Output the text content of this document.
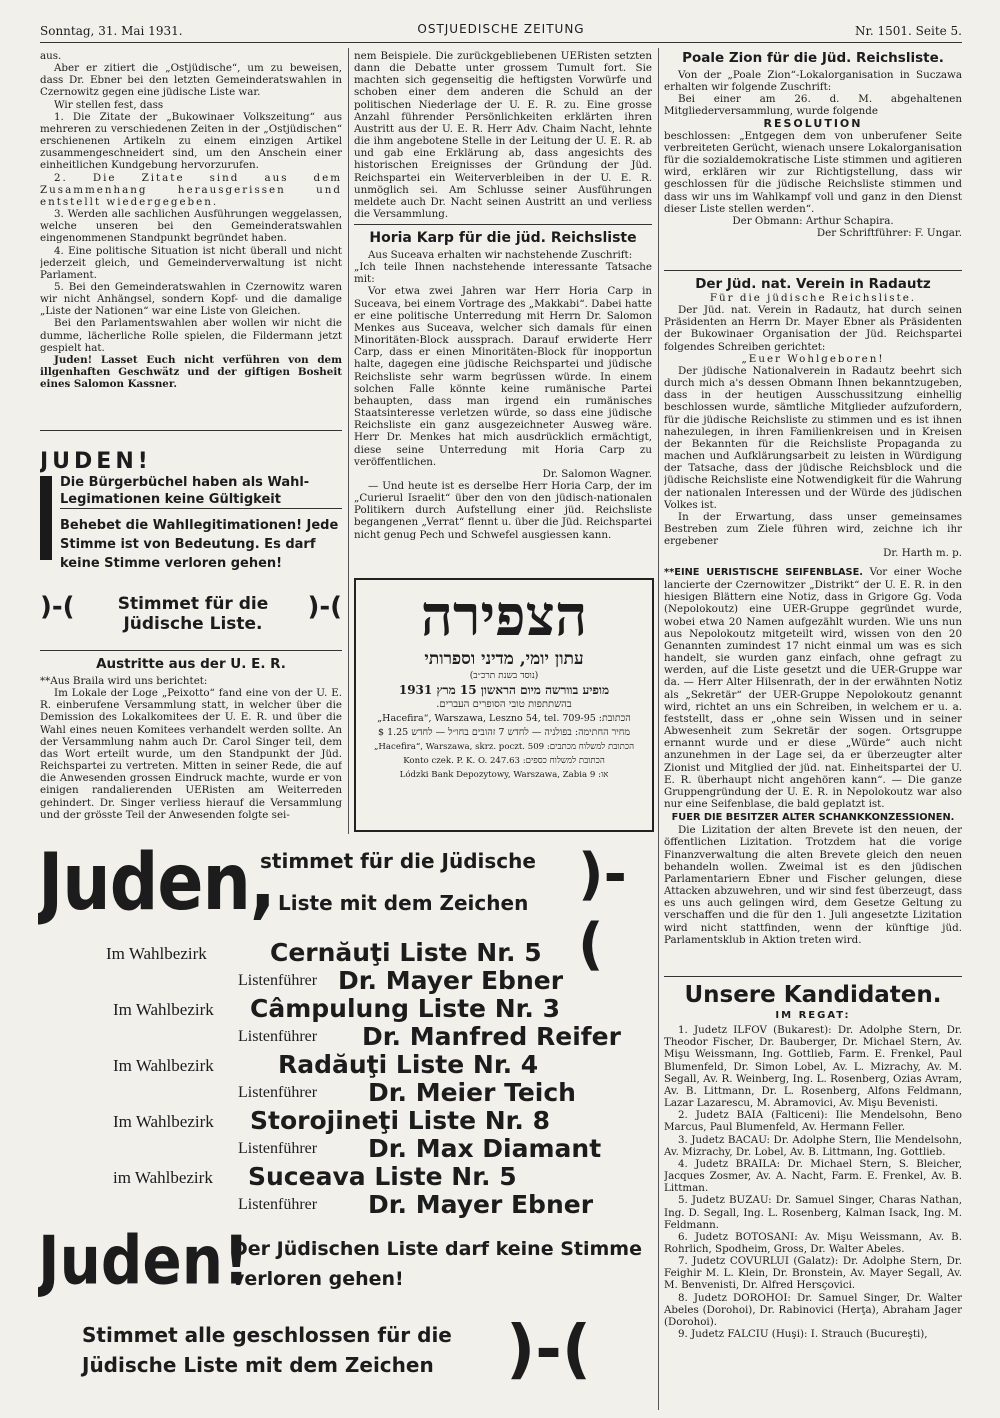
Sonntag, 31. Mai 1931.	OSTJUEDISCHE ZEITUNG	Nr. 1501. Seite 5.

aus.

Aber er zitiert die „Ostjüdische“, um zu beweisen, dass Dr. Ebner bei den letzten Gemeinderatswahlen in Czernowitz gegen eine jüdische Liste war.

Wir stellen fest, dass

1. Die Zitate der „Bukowinaer Volkszeitung“ aus mehreren zu verschiedenen Zeiten in der „Ostjüdischen“ erschienenen Artikeln zu einem einzigen Artikel zusammengeschneidert sind, um den Anschein einer einheitlichen Kundgebung hervorzurufen.

2. Die Zitate sind aus dem Zusammenhang herausgerissen und entstellt wiedergegeben.

3. Werden alle sachlichen Ausführungen weggelassen, welche unseren bei den Gemeinderatswahlen eingenommenen Standpunkt begründet haben.

4. Eine politische Situation ist nicht überall und nicht jederzeit gleich, und Gemeinderverwaltung ist nicht Parlament.

5. Bei den Gemeinderatswahlen in Czernowitz waren wir nicht Anhängsel, sondern Kopf- und die damalige „Liste der Nationen“ war eine Liste von Gleichen.

Bei den Parlamentswahlen aber wollen wir nicht die dumme, lächerliche Rolle spielen, die Fildermann jetzt gespielt hat.

Juden! Lasset Euch nicht verführen von dem illgenhaften Geschwätz und der giftigen Bosheit eines Salomon Kassner.

JUDEN!
Die Bürgerbüchel haben als Wahl-Legimationen keine Gültigkeit
Behebet die Wahllegitimationen! Jede Stimme ist von Bedeutung. Es darf keine Stimme verloren gehen!
)-(	Stimmet für die Jüdische Liste.
)-(
Austritte aus der U. E. R.

**Aus Braila wird uns berichtet:

Im Lokale der Loge „Peixotto“ fand eine von der U. E. R. einberufene Versammlung statt, in welcher über die Demission des Lokalkomitees der U. E. R. und über die Wahl eines neuen Komitees verhandelt werden sollte. An der Versammlung nahm auch Dr. Carol Singer teil, dem das Wort erteilt wurde, um den Standpunkt der Jüd. Reichspartei zu vertreten. Mitten in seiner Rede, die auf die Anwesenden grossen Eindruck machte, wurde er von einigen randalierenden UERisten am Weiterreden gehindert. Dr. Singer verliess hierauf die Versammlung und der grösste Teil der Anwesenden folgte sei-

nem Beispiele. Die zurückgebliebenen UERisten setzten dann die Debatte unter grossem Tumult fort. Sie machten sich gegenseitig die heftigsten Vorwürfe und schoben einer dem anderen die Schuld an der politischen Niederlage der U. E. R. zu. Eine grosse Anzahl führender Persönlichkeiten erklärten ihren Austritt aus der U. E. R. Herr Adv. Chaim Nacht, lehnte die ihm angebotene Stelle in der Leitung der U. E. R. ab und gab eine Erklärung ab, dass angesichts des historischen Ereignisses der Gründung der Jüd. Reichspartei ein Weiterverbleiben in der U. E. R. unmöglich sei. Am Schlusse seiner Ausführungen meldete auch Dr. Nacht seinen Austritt an und verliess die Versammlung.

Horia Karp für die jüd. Reichsliste

Aus Suceava erhalten wir nachstehende Zuschrift:

„Ich teile Ihnen nachstehende interessante Tatsache mit:

Vor etwa zwei Jahren war Herr Horia Carp in Suceava, bei einem Vortrage des „Makkabi“. Dabei hatte er eine politische Unterredung mit Herrn Dr. Salomon Menkes aus Suceava, welcher sich damals für einen Minoritäten-Block aussprach. Darauf erwiderte Herr Carp, dass er einen Minoritäten-Block für inopportun halte, dagegen eine jüdische Reichspartei und jüdische Reichsliste sehr warm begrüssen würde. In einem solchen Falle könnte keine rumänische Partei behaupten, dass man irgend ein rumänisches Staatsinteresse verletzen würde, so dass eine jüdische Reichsliste ein ganz ausgezeichneter Ausweg wäre. Herr Dr. Menkes hat mich ausdrücklich ermächtigt, diese seine Unterredung mit Horia Carp zu veröffentlichen.

Dr. Salomon Wagner.

— Und heute ist es derselbe Herr Horia Carp, der im „Curierul Israelit“ über den von den jüdisch-nationalen Politikern durch Aufstellung einer jüd. Reichsliste begangenen „Verrat“ flennt u. über die Jüd. Reichspartei nicht genug Pech und Schwefel ausgiessen kann.

הצפירה
עתון יומי, מדיני וספרותי
(נוסד בשנת תרכ״ב)
מופיע בוורשה מיום הראשון 15 מרץ 1931
בהשתתפות טובי הסופרים העברים.
„Hacefira“, Warszawa, Leszno 54, tel. 709-95 :הכתובת
מחיר החתימה: בפולניה — לחדש 7 זהובים בחו״ל — לחדש 1.25 $
„Hacefira“, Warszawa, skrz. poczt. 509 :הכתובת למשלוח מכתבים
Konto czek. P. K. O. 247.63 :הכתובת למשלוח כספים
Lódzki Bank Depozytowy, Warszawa, Zabia 9 :או
Poale Zion für die Jüd. Reichsliste.

Von der „Poale Zion“-Lokalorganisation in Suczawa erhalten wir folgende Zuschrift:

Bei einer am 26. d. M. abgehaltenen Mitgliederversammlung, wurde folgende

RESOLUTION

beschlossen: „Entgegen dem von unberufener Seite verbreiteten Gerücht, wienach unsere Lokalorganisation für die sozialdemokratische Liste stimmen und agitieren wird, erklären wir zur Richtigstellung, dass wir geschlossen für die jüdische Reichsliste stimmen und dass wir uns im Wahlkampf voll und ganz in den Dienst dieser Liste stellen werden“.

Der Obmann: Arthur Schapira.

Der Schriftführer: F. Ungar.

Der Jüd. nat. Verein in Radautz

Für die jüdische Reichsliste.

Der Jüd. nat. Verein in Radautz, hat durch seinen Präsidenten an Herrn Dr. Mayer Ebner als Präsidenten der Bukowinaer Organisation der Jüd. Reichspartei folgendes Schreiben gerichtet:

„Euer Wohlgeboren!

Der jüdische Nationalverein in Radautz beehrt sich durch mich a's dessen Obmann Ihnen bekanntzugeben, dass in der heutigen Ausschussitzung einhellig beschlossen wurde, sämtliche Mitglieder aufzufordern, für die jüdische Reichsliste zu stimmen und es ist ihnen nahezulegen, in ihren Familienkreisen und in Kreisen der Bekannten für die Reichsliste Propaganda zu machen und Aufklärungsarbeit zu leisten in Würdigung der Tatsache, dass der jüdische Reichsblock und die jüdische Reichsliste eine Notwendigkeit für die Wahrung der nationalen Interessen und der Würde des jüdischen Volkes ist.

In der Erwartung, dass unser gemeinsames Bestreben zum Ziele führen wird, zeichne ich ihr ergebener

Dr. Harth m. p.

**EINE UERISTISCHE SEIFENBLASE. Vor einer Woche lancierte der Czernowitzer „Distrikt“ der U. E. R. in den hiesigen Blättern eine Notiz, dass in Grigore Gg. Voda (Nepolokoutz) eine UER-Gruppe gegründet wurde, wobei etwa 20 Namen aufgezählt wurden. Wie uns nun aus Nepolokoutz mitgeteilt wird, wissen von den 20 Genannten zumindest 17 nicht einmal um was es sich handelt, sie wurden ganz einfach, ohne gefragt zu werden, auf die Liste gesetzt und die UER-Gruppe war da. — Herr Alter Hilsenrath, der in der erwähnten Notiz als „Sekretär“ der UER-Gruppe Nepolokoutz genannt wird, richtet an uns ein Schreiben, in welchem er u. a. feststellt, dass er „ohne sein Wissen und in seiner Abwesenheit zum Sekretär der sogen. Ortsgruppe ernannt wurde und er diese „Würde“ auch nicht anzunehmen in der Lage sei, da er überzeugter alter Zionist und Mitglied der jüd. nat. Einheitspartei der U. E. R. überhaupt nicht angehören kann“. — Die ganze Gruppengründung der U. E. R. in Nepolokoutz war also nur eine Seifenblase, die bald geplatzt ist.

FUER DIE BESITZER ALTER SCHANKKONZESSIONEN.

Die Lizitation der alten Brevete ist den neuen, der öffentlichen Lizitation. Trotzdem hat die vorige Finanzverwaltung die alten Brevete gleich den neuen behandeln wollen. Zweimal ist es den jüdischen Parlamentariern Ebner und Fischer gelungen, diese Attacken abzuwehren, und wir sind fest überzeugt, dass es uns auch gelingen wird, dem Gesetze Geltung zu verschaffen und die für den 1. Juli angesetzte Lizitation wird nicht stattfinden, wenn der künftige jüd. Parlamentsklub in Aktion treten wird.

Unsere Kandidaten.

IM REGAT:

1. Judetz ILFOV (Bukarest): Dr. Adolphe Stern, Dr. Theodor Fischer, Dr. Bauberger, Dr. Michael Stern, Av. Mişu Weissmann, Ing. Gottlieb, Farm. E. Frenkel, Paul Blumenfeld, Dr. Simon Lobel, Av. L. Mizrachy, Av. M. Segall, Av. R. Weinberg, Ing. L. Rosenberg, Ozias Avram, Av. B. Littmann, Dr. L. Rosenberg, Alfons Feldmann, Lazar Lazarescu, M. Abramovici, Av. Mişu Bevenisti.

2. Judetz BAIA (Falticeni): Ilie Mendelsohn, Beno Marcus, Paul Blumenfeld, Av. Hermann Feller.

3. Judetz BACAU: Dr. Adolphe Stern, Ilie Mendelsohn, Av. Mizrachy, Dr. Lobel, Av. B. Littmann, Ing. Gottlieb.

4. Judetz BRAILA: Dr. Michael Stern, S. Bleicher, Jacques Zosmer, Av. A. Nacht, Farm. E. Frenkel, Av. B. Littman.

5. Judetz BUZAU: Dr. Samuel Singer, Charas Nathan, Ing. D. Segall, Ing. L. Rosenberg, Kalman Isack, Ing. M. Feldmann.

6. Judetz BOTOSANI: Av. Mişu Weissmann, Av. B. Rohrlich, Spodheim, Gross, Dr. Walter Abeles.

7. Judetz COVURLUI (Galatz): Dr. Adolphe Stern, Dr. Feighir M. L. Klein, Dr. Bronstein, Av. Mayer Segall, Av. M. Benvenisti, Dr. Alfred Hersçovici.

8. Judetz DOROHOI: Dr. Samuel Singer, Dr. Walter Abeles (Dorohoi), Dr. Rabinovici (Herţa), Abraham Jager (Dorohoi).

9. Judetz FALCIU (Huşi): I. Strauch (Bucureşti),

Juden,
stimmet für die Jüdische
Liste mit dem Zeichen )-(
Im Wahlbezirk	Cernăuţi Liste Nr. 5
Listenführer Dr. Mayer Ebner
Im Wahlbezirk Câmpulung Liste Nr. 3
Listenführer Dr. Manfred Reifer
Im Wahlbezirk	Radăuţi Liste Nr. 4
Listenführer Dr. Meier Teich
Im Wahlbezirk Storojineţi Liste Nr. 8
Listenführer Dr. Max Diamant
im Wahlbezirk Suceava Liste Nr. 5
Listenführer Dr. Mayer Ebner
Juden!
Der Jüdischen Liste darf keine Stimme verloren gehen!
Stimmet alle geschlossen für die Jüdische Liste mit dem Zeichen	)-(
